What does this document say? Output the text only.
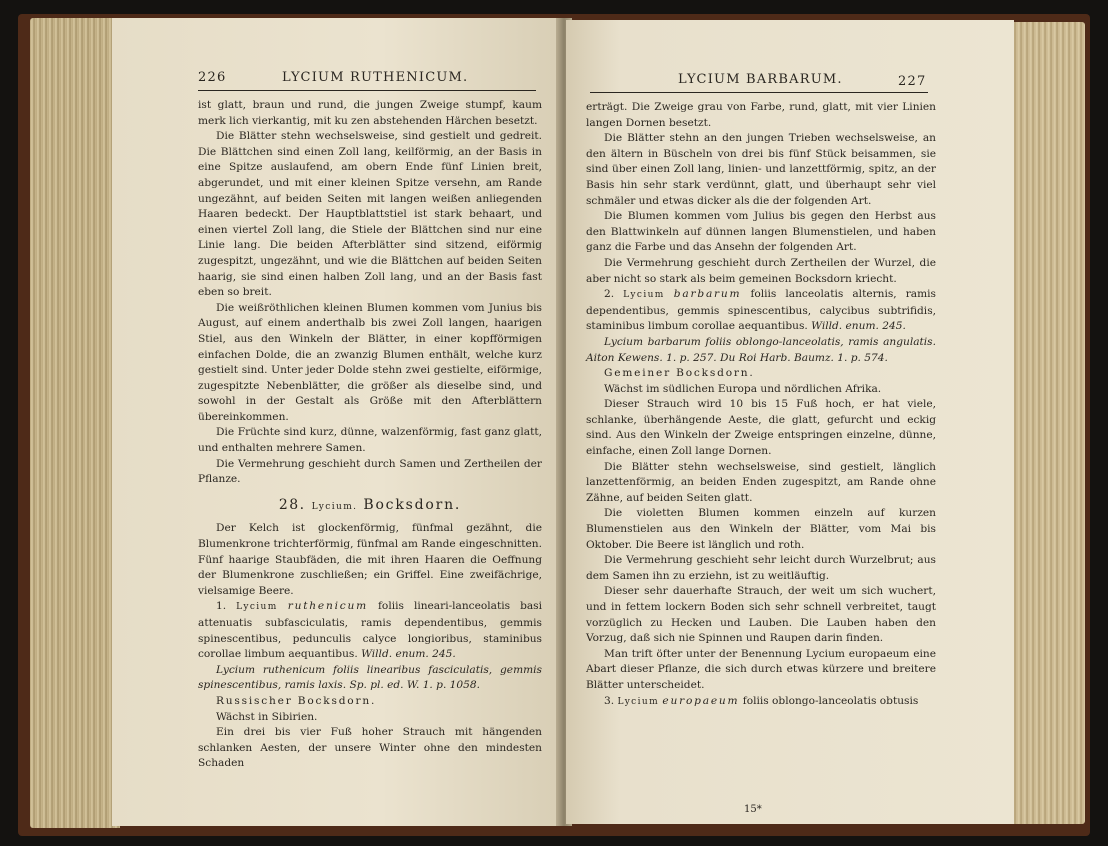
226	LYCIUM RUTHENICUM.

ist glatt, braun und rund, die jungen Zweige stumpf, kaum merk lich vierkantig, mit ku zen abstehenden Härchen besetzt.

Die Blätter stehn wechselsweise, sind gestielt und gedreit. Die Blättchen sind einen Zoll lang, keilförmig, an der Basis in eine Spitze auslaufend, am obern Ende fünf Linien breit, abgerundet, und mit einer kleinen Spitze versehn, am Rande ungezähnt, auf beiden Seiten mit langen weißen anliegenden Haaren bedeckt. Der Hauptblattstiel ist stark behaart, und einen viertel Zoll lang, die Stiele der Blättchen sind nur eine Linie lang. Die beiden Afterblätter sind sitzend, eiförmig zugespitzt, ungezähnt, und wie die Blättchen auf beiden Seiten haarig, sie sind einen halben Zoll lang, und an der Basis fast eben so breit.

Die weißröthlichen kleinen Blumen kommen vom Junius bis August, auf einem anderthalb bis zwei Zoll langen, haarigen Stiel, aus den Winkeln der Blätter, in einer kopfförmigen einfachen Dolde, die an zwanzig Blumen enthält, welche kurz gestielt sind. Unter jeder Dolde stehn zwei gestielte, eiförmige, zugespitzte Nebenblätter, die größer als dieselbe sind, und sowohl in der Gestalt als Größe mit den Afterblättern übereinkommen.

Die Früchte sind kurz, dünne, walzenförmig, fast ganz glatt, und enthalten mehrere Samen.

Die Vermehrung geschieht durch Samen und Zertheilen der Pflanze.

28. Lycium. Bocksdorn.

Der Kelch ist glockenförmig, fünfmal gezähnt, die Blumenkrone trichterförmig, fünfmal am Rande eingeschnitten. Fünf haarige Staubfäden, die mit ihren Haaren die Oeffnung der Blumenkrone zuschließen; ein Griffel. Eine zweifächrige, vielsamige Beere.

1. Lycium ruthenicum foliis lineari-lanceolatis basi attenuatis subfasciculatis, ramis dependentibus, gemmis spinescentibus, pedunculis calyce longioribus, staminibus corollae limbum aequantibus. Willd. enum. 245.

Lycium ruthenicum foliis linearibus fasciculatis, gemmis spinescentibus, ramis laxis. Sp. pl. ed. W. 1. p. 1058.

Russischer Bocksdorn.

Wächst in Sibirien.

Ein drei bis vier Fuß hoher Strauch mit hängenden schlanken Aesten, der unsere Winter ohne den mindesten Schaden

LYCIUM BARBARUM.	227

erträgt. Die Zweige grau von Farbe, rund, glatt, mit vier Linien langen Dornen besetzt.

Die Blätter stehn an den jungen Trieben wechselsweise, an den ältern in Büscheln von drei bis fünf Stück beisammen, sie sind über einen Zoll lang, linien- und lanzettförmig, spitz, an der Basis hin sehr stark verdünnt, glatt, und überhaupt sehr viel schmäler und etwas dicker als die der folgenden Art.

Die Blumen kommen vom Julius bis gegen den Herbst aus den Blattwinkeln auf dünnen langen Blumenstielen, und haben ganz die Farbe und das Ansehn der folgenden Art.

Die Vermehrung geschieht durch Zertheilen der Wurzel, die aber nicht so stark als beim gemeinen Bocksdorn kriecht.

2. Lycium barbarum foliis lanceolatis alternis, ramis dependentibus, gemmis spinescentibus, calycibus subtrifidis, staminibus limbum corollae aequantibus. Willd. enum. 245.

Lycium barbarum foliis oblongo-lanceolatis, ramis angulatis. Aiton Kewens. 1. p. 257. Du Roi Harb. Baumz. 1. p. 574.

Gemeiner Bocksdorn.

Wächst im südlichen Europa und nördlichen Afrika.

Dieser Strauch wird 10 bis 15 Fuß hoch, er hat viele, schlanke, überhängende Aeste, die glatt, gefurcht und eckig sind. Aus den Winkeln der Zweige entspringen einzelne, dünne, einfache, einen Zoll lange Dornen.

Die Blätter stehn wechselsweise, sind gestielt, länglich lanzettenförmig, an beiden Enden zugespitzt, am Rande ohne Zähne, auf beiden Seiten glatt.

Die violetten Blumen kommen einzeln auf kurzen Blumenstielen aus den Winkeln der Blätter, vom Mai bis Oktober. Die Beere ist länglich und roth.

Die Vermehrung geschieht sehr leicht durch Wurzelbrut; aus dem Samen ihn zu erziehn, ist zu weitläuftig.

Dieser sehr dauerhafte Strauch, der weit um sich wuchert, und in fettem lockern Boden sich sehr schnell verbreitet, taugt vorzüglich zu Hecken und Lauben. Die Lauben haben den Vorzug, daß sich nie Spinnen und Raupen darin finden.

Man trift öfter unter der Benennung Lycium europaeum eine Abart dieser Pflanze, die sich durch etwas kürzere und breitere Blätter unterscheidet.

3. Lycium europaeum foliis oblongo-lanceolatis obtusis

15*
